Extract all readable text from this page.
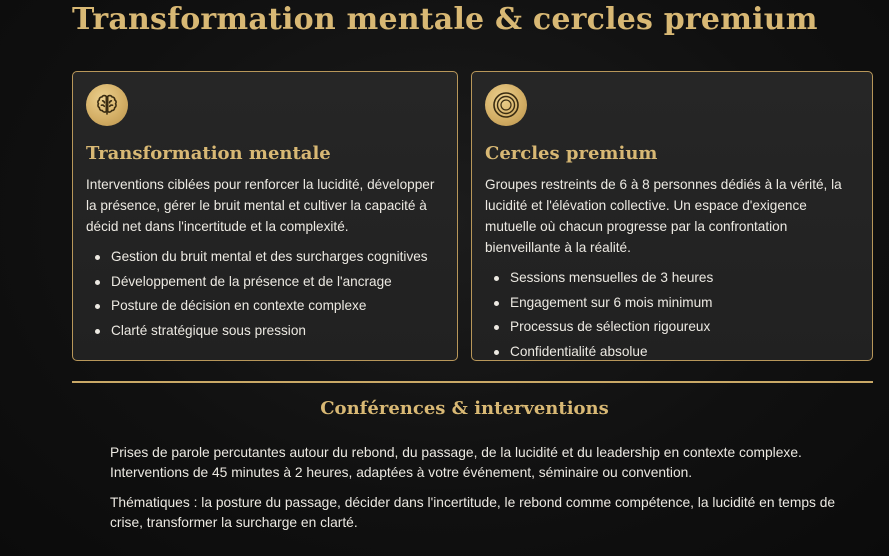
Transformation mentale & cercles premium
Transformation mentale

Interventions ciblées pour renforcer la lucidité, développer la présence, gérer le bruit mental et cultiver la capacité à décid net dans l'incertitude et la complexité.

Gestion du bruit mental et des surcharges cognitives
Développement de la présence et de l'ancrage
Posture de décision en contexte complexe
Clarté stratégique sous pression
Cercles premium

Groupes restreints de 6 à 8 personnes dédiés à la vérité, la lucidité et l'élévation collective. Un espace d'exigence mutuelle où chacun progresse par la confrontation bienveillante à la réalité.

Sessions mensuelles de 3 heures
Engagement sur 6 mois minimum
Processus de sélection rigoureux
Confidentialité absolue
Conférences & interventions

Prises de parole percutantes autour du rebond, du passage, de la lucidité et du leadership en contexte complexe. Interventions de 45 minutes à 2 heures, adaptées à votre événement, séminaire ou convention.

Thématiques : la posture du passage, décider dans l'incertitude, le rebond comme compétence, la lucidité en temps de crise, transformer la surcharge en clarté.
